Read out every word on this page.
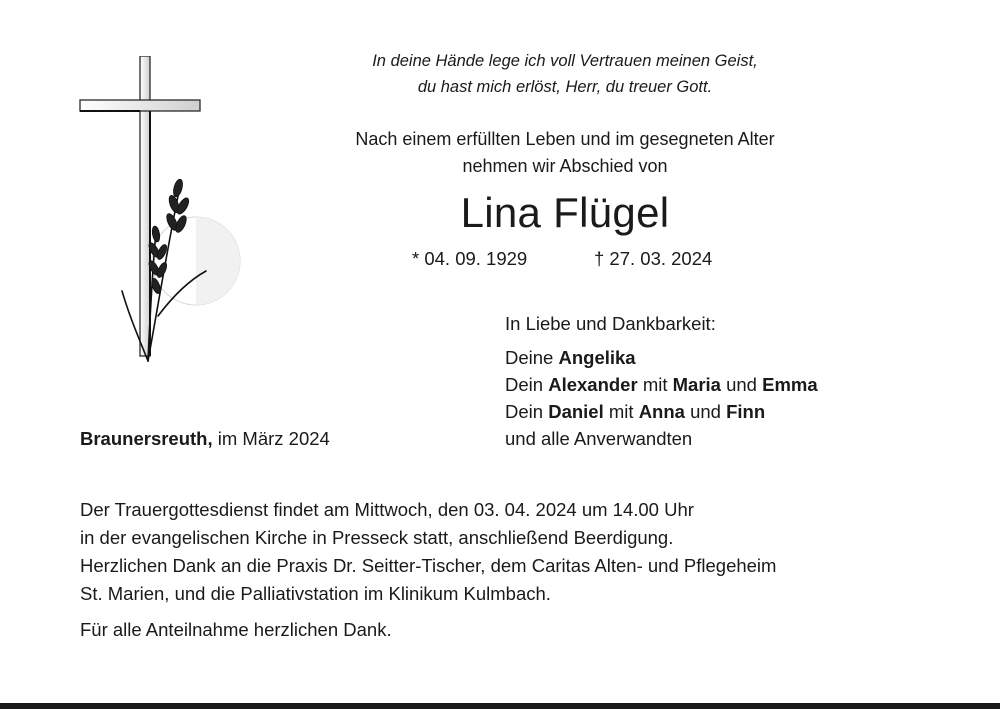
In deine Hände lege ich voll Vertrauen meinen Geist,
du hast mich erlöst, Herr, du treuer Gott.
Nach einem erfüllten Leben und im gesegneten Alter
nehmen wir Abschied von
Lina Flügel
* 04. 09. 1929	† 27. 03. 2024
In Liebe und Dankbarkeit:
Deine Angelika
Dein Alexander mit Maria und Emma
Dein Daniel mit Anna und Finn
und alle Anverwandten
Braunersreuth, im März 2024
Der Trauergottesdienst findet am Mittwoch, den 03. 04. 2024 um 14.00 Uhr
in der evangelischen Kirche in Presseck statt, anschließend Beerdigung.
Herzlichen Dank an die Praxis Dr. Seitter-Tischer, dem Caritas Alten- und Pflegeheim
St. Marien, und die Palliativstation im Klinikum Kulmbach.
Für alle Anteilnahme herzlichen Dank.
